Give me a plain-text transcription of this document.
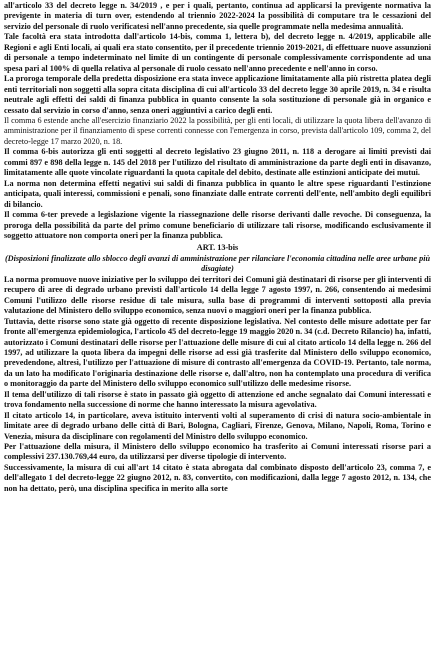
all'articolo 33 del decreto legge n. 34/2019 , e per i quali, pertanto, continua ad applicarsi la previgente normativa la previgente in materia di turn over, estendendo al triennio 2022-2024 la possibilità di computare tra le cessazioni del servizio del personale di ruolo verificatesi nell'anno precedente, sia quelle programmate nella medesima annualità.

Tale facoltà era stata introdotta dall'articolo 14-bis, comma 1, lettera b), del decreto legge n. 4/2019, applicabile alle Regioni e agli Enti locali, ai quali era stato consentito, per il precedente triennio 2019-2021, di effettuare nuove assunzioni di personale a tempo indeterminato nel limite di un contingente di personale complessivamente corrispondente ad una spesa pari al 100% di quella relativa al personale di ruolo cessato nell'anno precedente e nell'anno in corso.

La proroga temporale della predetta disposizione era stata invece applicazione limitatamente alla più ristretta platea degli enti territoriali non soggetti alla sopra citata disciplina di cui all'articolo 33 del decreto legge 30 aprile 2019, n. 34 e risulta neutrale agli effetti dei saldi di finanza pubblica in quanto consente la sola sostituzione di personale già in organico e cessato dal servizio in corso d'anno, senza oneri aggiuntivi a carico degli enti.

Il comma 6 estende anche all'esercizio finanziario 2022 la possibilità, per gli enti locali, di utilizzare la quota libera dell'avanzo di amministrazione per il finanziamento di spese correnti connesse con l'emergenza in corso, prevista dall'articolo 109, comma 2, del decreto-legge 17 marzo 2020, n. 18.

Il comma 6-bis autorizza gli enti soggetti al decreto legislativo 23 giugno 2011, n. 118 a derogare ai limiti previsti dai commi 897 e 898 della legge n. 145 del 2018 per l'utilizzo del risultato di amministrazione da parte degli enti in disavanzo, limitatamente alle quote vincolate riguardanti la quota capitale del debito, destinate alle estinzioni anticipate dei mutui.

La norma non determina effetti negativi sui saldi di finanza pubblica in quanto le altre spese riguardanti l'estinzione anticipata, quali interessi, commissioni e penali, sono finanziate dalle entrate correnti dell'ente, nell'ambito degli equilibri di bilancio.

Il comma 6-ter prevede a legislazione vigente la riassegnazione delle risorse derivanti dalle revoche. Di conseguenza, la proroga della possibilità da parte del primo comune beneficiario di utilizzare tali risorse, modificando esclusivamente il soggetto attuatore non comporta oneri per la finanza pubblica.

ART. 13-bis

(Disposizioni finalizzate allo sblocco degli avanzi di amministrazione per rilanciare l'economia cittadina nelle aree urbane più disagiate)

La norma promuove nuove iniziative per lo sviluppo dei territori dei Comuni già destinatari di risorse per gli interventi di recupero di aree di degrado urbano previsti dall'articolo 14 della legge 7 agosto 1997, n. 266, consentendo ai medesimi Comuni l'utilizzo delle risorse residue di tale misura, sulla base di programmi di interventi sottoposti alla previa valutazione del Ministero dello sviluppo economico, senza nuovi o maggiori oneri per la finanza pubblica.

Tuttavia, dette risorse sono state già oggetto di recente disposizione legislativa. Nel contesto delle misure adottate per far fronte all'emergenza epidemiologica, l'articolo 45 del decreto-legge 19 maggio 2020 n. 34 (c.d. Decreto Rilancio) ha, infatti, autorizzato i Comuni destinatari delle risorse per l'attuazione delle misure di cui al citato articolo 14 della legge n. 266 del 1997, ad utilizzare la quota libera da impegni delle risorse ad essi già trasferite dal Ministero dello sviluppo economico, prevedendone, altresì, l'utilizzo per l'attuazione di misure di contrasto all'emergenza da COVID-19. Pertanto, tale norma, da un lato ha modificato l'originaria destinazione delle risorse e, dall'altro, non ha contemplato una procedura di verifica o monitoraggio da parte del Ministero dello sviluppo economico sull'utilizzo delle medesime risorse.

Il tema dell'utilizzo di tali risorse è stato in passato già oggetto di attenzione ed anche segnalato dai Comuni interessati e trova fondamento nella successione di norme che hanno interessato la misura agevolativa.

Il citato articolo 14, in particolare, aveva istituito interventi volti al superamento di crisi di natura socio-ambientale in limitate aree di degrado urbano delle città di Bari, Bologna, Cagliari, Firenze, Genova, Milano, Napoli, Roma, Torino e Venezia, misura da disciplinare con regolamenti del Ministro dello sviluppo economico.

Per l'attuazione della misura, il Ministero dello sviluppo economico ha trasferito ai Comuni interessati risorse pari a complessivi 237.130.769,44 euro, da utilizzarsi per diverse tipologie di intervento.

Successivamente, la misura di cui all'art 14 citato è stata abrogata dal combinato disposto dell'articolo 23, comma 7, e dell'allegato 1 del decreto-legge 22 giugno 2012, n. 83, convertito, con modificazioni, dalla legge 7 agosto 2012, n. 134, che non ha dettato, però, una disciplina specifica in merito alla sorte
